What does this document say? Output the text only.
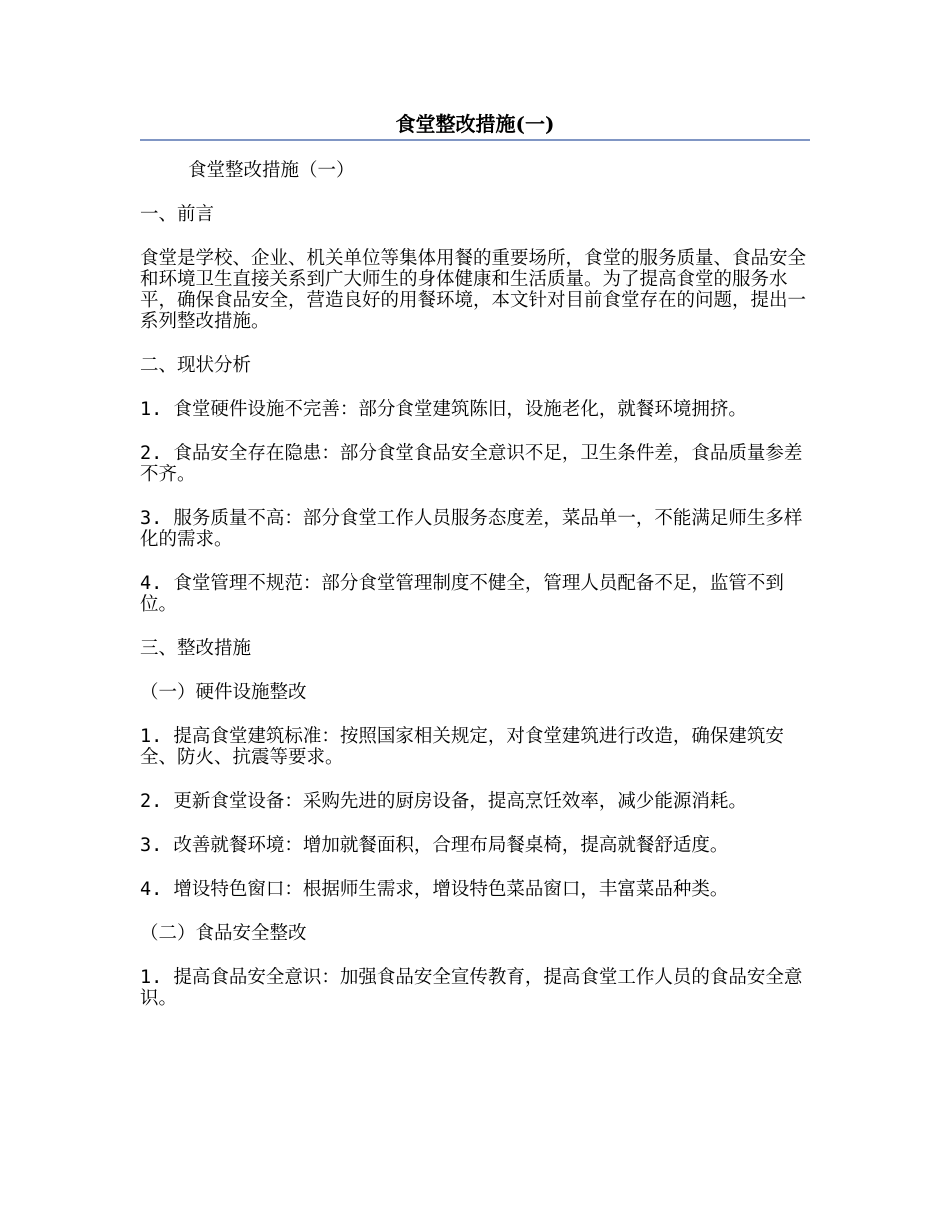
食堂整改措施(一)

食堂整改措施（一）

一、前言

食堂是学校、企业、机关单位等集体用餐的重要场所，食堂的服务质量、食品安全和环境卫生直接关系到广大师生的身体健康和生活质量。为了提高食堂的服务水平，确保食品安全，营造良好的用餐环境，本文针对目前食堂存在的问题，提出一系列整改措施。

二、现状分析

1. 食堂硬件设施不完善：部分食堂建筑陈旧，设施老化，就餐环境拥挤。

2. 食品安全存在隐患：部分食堂食品安全意识不足，卫生条件差，食品质量参差不齐。

3. 服务质量不高：部分食堂工作人员服务态度差，菜品单一，不能满足师生多样化的需求。

4. 食堂管理不规范：部分食堂管理制度不健全，管理人员配备不足，监管不到位。

三、整改措施

（一）硬件设施整改

1. 提高食堂建筑标准：按照国家相关规定，对食堂建筑进行改造，确保建筑安全、防火、抗震等要求。

2. 更新食堂设备：采购先进的厨房设备，提高烹饪效率，减少能源消耗。

3. 改善就餐环境：增加就餐面积，合理布局餐桌椅，提高就餐舒适度。

4. 增设特色窗口：根据师生需求，增设特色菜品窗口，丰富菜品种类。

（二）食品安全整改

1. 提高食品安全意识：加强食品安全宣传教育，提高食堂工作人员的食品安全意识。
